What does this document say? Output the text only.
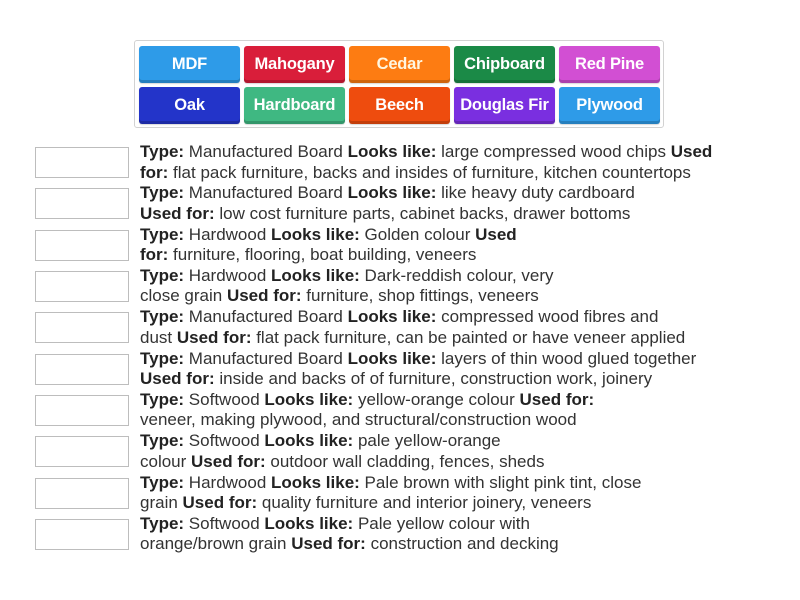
MDF	Mahogany	Cedar	Chipboard	Red Pine
Oak	Hardboard	Beech	Douglas Fir	Plywood
Type: Manufactured Board Looks like: large compressed wood chips Used
for: flat pack furniture, backs and insides of furniture, kitchen countertops
Type: Manufactured Board Looks like: like heavy duty cardboard
Used for: low cost furniture parts, cabinet backs, drawer bottoms
Type: Hardwood Looks like: Golden colour Used
for: furniture, flooring, boat building, veneers
Type: Hardwood Looks like: Dark-reddish colour, very
close grain Used for: furniture, shop fittings, veneers
Type: Manufactured Board Looks like: compressed wood fibres and
dust Used for: flat pack furniture, can be painted or have veneer applied
Type: Manufactured Board Looks like: layers of thin wood glued together
Used for: inside and backs of of furniture, construction work, joinery
Type: Softwood Looks like: yellow-orange colour Used for:
veneer, making plywood, and structural/construction wood
Type: Softwood Looks like: pale yellow-orange
colour Used for: outdoor wall cladding, fences, sheds
Type: Hardwood Looks like: Pale brown with slight pink tint, close
grain Used for: quality furniture and interior joinery, veneers
Type: Softwood Looks like: Pale yellow colour with
orange/brown grain Used for: construction and decking
